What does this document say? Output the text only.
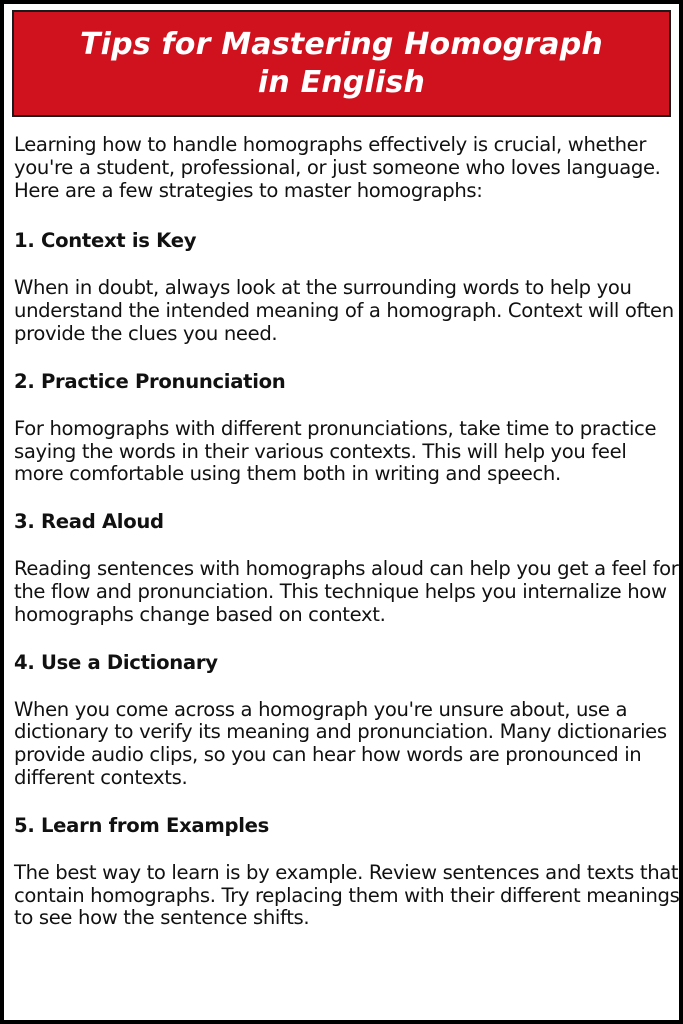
Tips for Mastering Homograph in English

Learning how to handle homographs effectively is crucial, whether you're a student, professional, or just someone who loves language. Here are a few strategies to master homographs:

1. Context is Key

When in doubt, always look at the surrounding words to help you understand the intended meaning of a homograph. Context will often provide the clues you need.

2. Practice Pronunciation

For homographs with different pronunciations, take time to practice saying the words in their various contexts. This will help you feel more comfortable using them both in writing and speech.

3. Read Aloud

Reading sentences with homographs aloud can help you get a feel for the flow and pronunciation. This technique helps you internalize how homographs change based on context.

4. Use a Dictionary

When you come across a homograph you're unsure about, use a dictionary to verify its meaning and pronunciation. Many dictionaries provide audio clips, so you can hear how words are pronounced in different contexts.

5. Learn from Examples

The best way to learn is by example. Review sentences and texts that contain homographs. Try replacing them with their different meanings to see how the sentence shifts.
